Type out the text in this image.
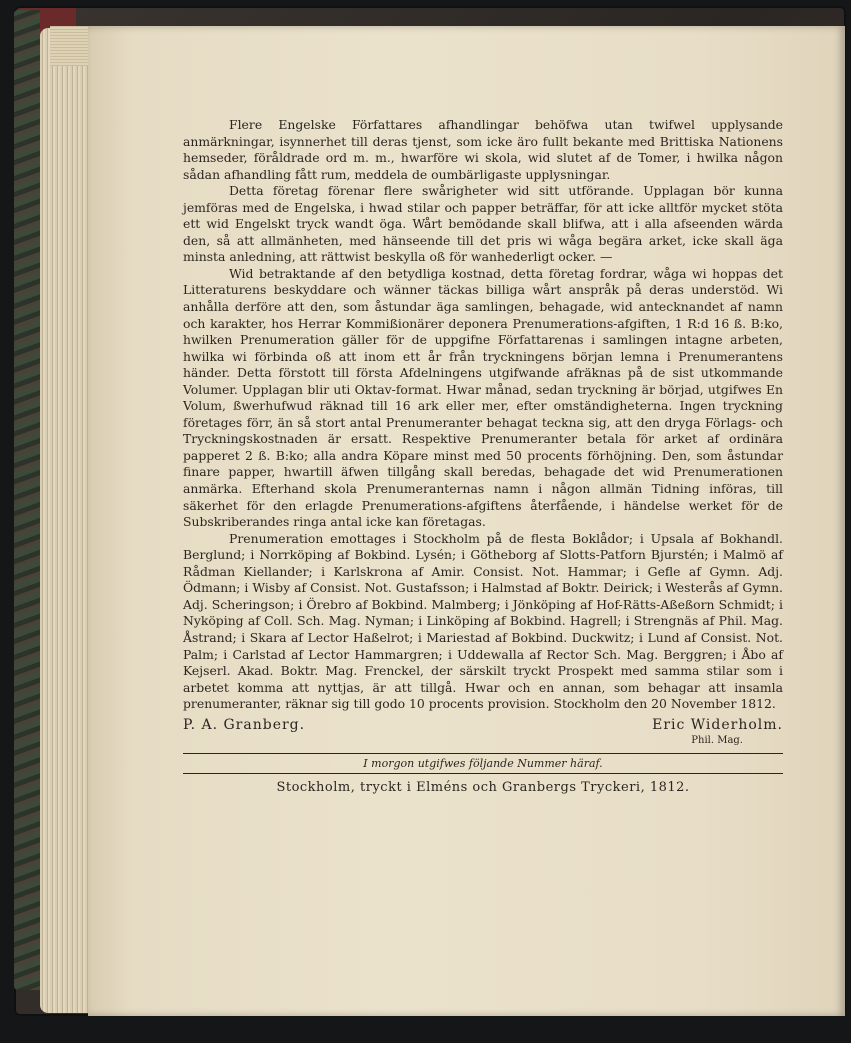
Flere Engelske Författares afhandlingar behöfwa utan twifwel upplysande anmärkningar, isynnerhet till deras tjenst, som icke äro fullt bekante med Brittiska Nationens hemseder, föråldrade ord m. m., hwarföre wi skola, wid slutet af de Tomer, i hwilka någon sådan afhandling fått rum, meddela de oumbärligaste upplysningar.

Detta företag förenar flere swårigheter wid sitt utförande. Upplagan bör kunna jemföras med de Engelska, i hwad stilar och papper beträffar, för att icke alltför mycket stöta ett wid Engelskt tryck wandt öga. Wårt bemödande skall blifwa, att i alla afseenden wärda den, så att allmänheten, med hänseende till det pris wi wåga begära arket, icke skall äga minsta anledning, att rättwist beskylla oß för wanhederligt ocker. —

Wid betraktande af den betydliga kostnad, detta företag fordrar, wåga wi hoppas det Litteraturens beskyddare och wänner täckas billiga wårt anspråk på deras understöd. Wi anhålla derföre att den, som åstundar äga samlingen, behagade, wid antecknandet af namn och karakter, hos Herrar Kommißionärer deponera Prenumerations-afgiften, 1 R:d 16 ß. B:ko, hwilken Prenumeration gäller för de uppgifne Författarenas i samlingen intagne arbeten, hwilka wi förbinda oß att inom ett år från tryckningens början lemna i Prenumerantens händer. Detta förstott till första Afdelningens utgifwande afräknas på de sist utkommande Volumer. Upplagan blir uti Oktav-format. Hwar månad, sedan tryckning är börjad, utgifwes En Volum, ßwerhufwud räknad till 16 ark eller mer, efter omständigheterna. Ingen tryckning företages förr, än så stort antal Prenumeranter behagat teckna sig, att den dryga Förlags- och Tryckningskostnaden är ersatt. Respektive Prenumeranter betala för arket af ordinära papperet 2 ß. B:ko; alla andra Köpare minst med 50 procents förhöjning. Den, som åstundar finare papper, hwartill äfwen tillgång skall beredas, behagade det wid Prenumerationen anmärka. Efterhand skola Prenumeranternas namn i någon allmän Tidning införas, till säkerhet för den erlagde Prenumerations-afgiftens återfående, i händelse werket för de Subskriberandes ringa antal icke kan företagas.

Prenumeration emottages i Stockholm på de flesta Boklådor; i Upsala af Bokhandl. Berglund; i Norrköping af Bokbind. Lysén; i Götheborg af Slotts-Patforn Bjurstén; i Malmö af Rådman Kiellander; i Karlskrona af Amir. Consist. Not. Hammar; i Gefle af Gymn. Adj. Ödmann; i Wisby af Consist. Not. Gustafsson; i Halmstad af Boktr. Deirick; i Westerås af Gymn. Adj. Scheringson; i Örebro af Bokbind. Malmberg; i Jönköping af Hof-Rätts-Aßeßorn Schmidt; i Nyköping af Coll. Sch. Mag. Nyman; i Linköping af Bokbind. Hagrell; i Strengnäs af Phil. Mag. Åstrand; i Skara af Lector Haßelrot; i Mariestad af Bokbind. Duckwitz; i Lund af Consist. Not. Palm; i Carlstad af Lector Hammargren; i Uddewalla af Rector Sch. Mag. Berggren; i Åbo af Kejserl. Akad. Boktr. Mag. Frenckel, der särskilt tryckt Prospekt med samma stilar som i arbetet komma att nyttjas, är att tillgå. Hwar och en annan, som behagar att insamla prenumeranter, räknar sig till godo 10 procents provision. Stockholm den 20 November 1812.

P. A. Granberg.	Eric Widerholm.
Phil. Mag.
I morgon utgifwes följande Nummer häraf.
Stockholm, tryckt i Elméns och Granbergs Tryckeri, 1812.
